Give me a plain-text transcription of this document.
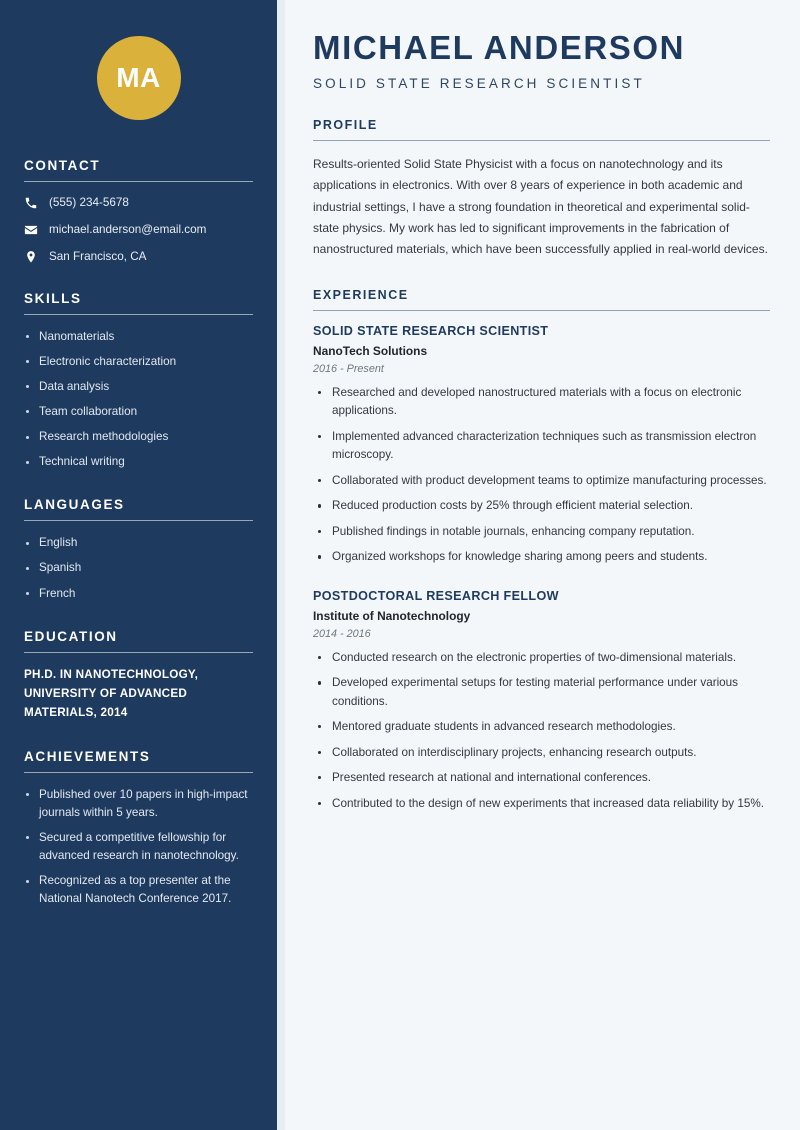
MA
CONTACT
(555) 234-5678
michael.anderson@email.com
San Francisco, CA
SKILLS
Nanomaterials
Electronic characterization
Data analysis
Team collaboration
Research methodologies
Technical writing
LANGUAGES
English
Spanish
French
EDUCATION
PH.D. IN NANOTECHNOLOGY, UNIVERSITY OF ADVANCED MATERIALS, 2014
ACHIEVEMENTS
Published over 10 papers in high-impact journals within 5 years.
Secured a competitive fellowship for advanced research in nanotechnology.
Recognized as a top presenter at the National Nanotech Conference 2017.
MICHAEL ANDERSON
SOLID STATE RESEARCH SCIENTIST
PROFILE

Results-oriented Solid State Physicist with a focus on nanotechnology and its applications in electronics. With over 8 years of experience in both academic and industrial settings, I have a strong foundation in theoretical and experimental solid-state physics. My work has led to significant improvements in the fabrication of nanostructured materials, which have been successfully applied in real-world devices.

EXPERIENCE
SOLID STATE RESEARCH SCIENTIST
NanoTech Solutions
2016 - Present
Researched and developed nanostructured materials with a focus on electronic applications.
Implemented advanced characterization techniques such as transmission electron microscopy.
Collaborated with product development teams to optimize manufacturing processes.
Reduced production costs by 25% through efficient material selection.
Published findings in notable journals, enhancing company reputation.
Organized workshops for knowledge sharing among peers and students.
POSTDOCTORAL RESEARCH FELLOW
Institute of Nanotechnology
2014 - 2016
Conducted research on the electronic properties of two-dimensional materials.
Developed experimental setups for testing material performance under various conditions.
Mentored graduate students in advanced research methodologies.
Collaborated on interdisciplinary projects, enhancing research outputs.
Presented research at national and international conferences.
Contributed to the design of new experiments that increased data reliability by 15%.
